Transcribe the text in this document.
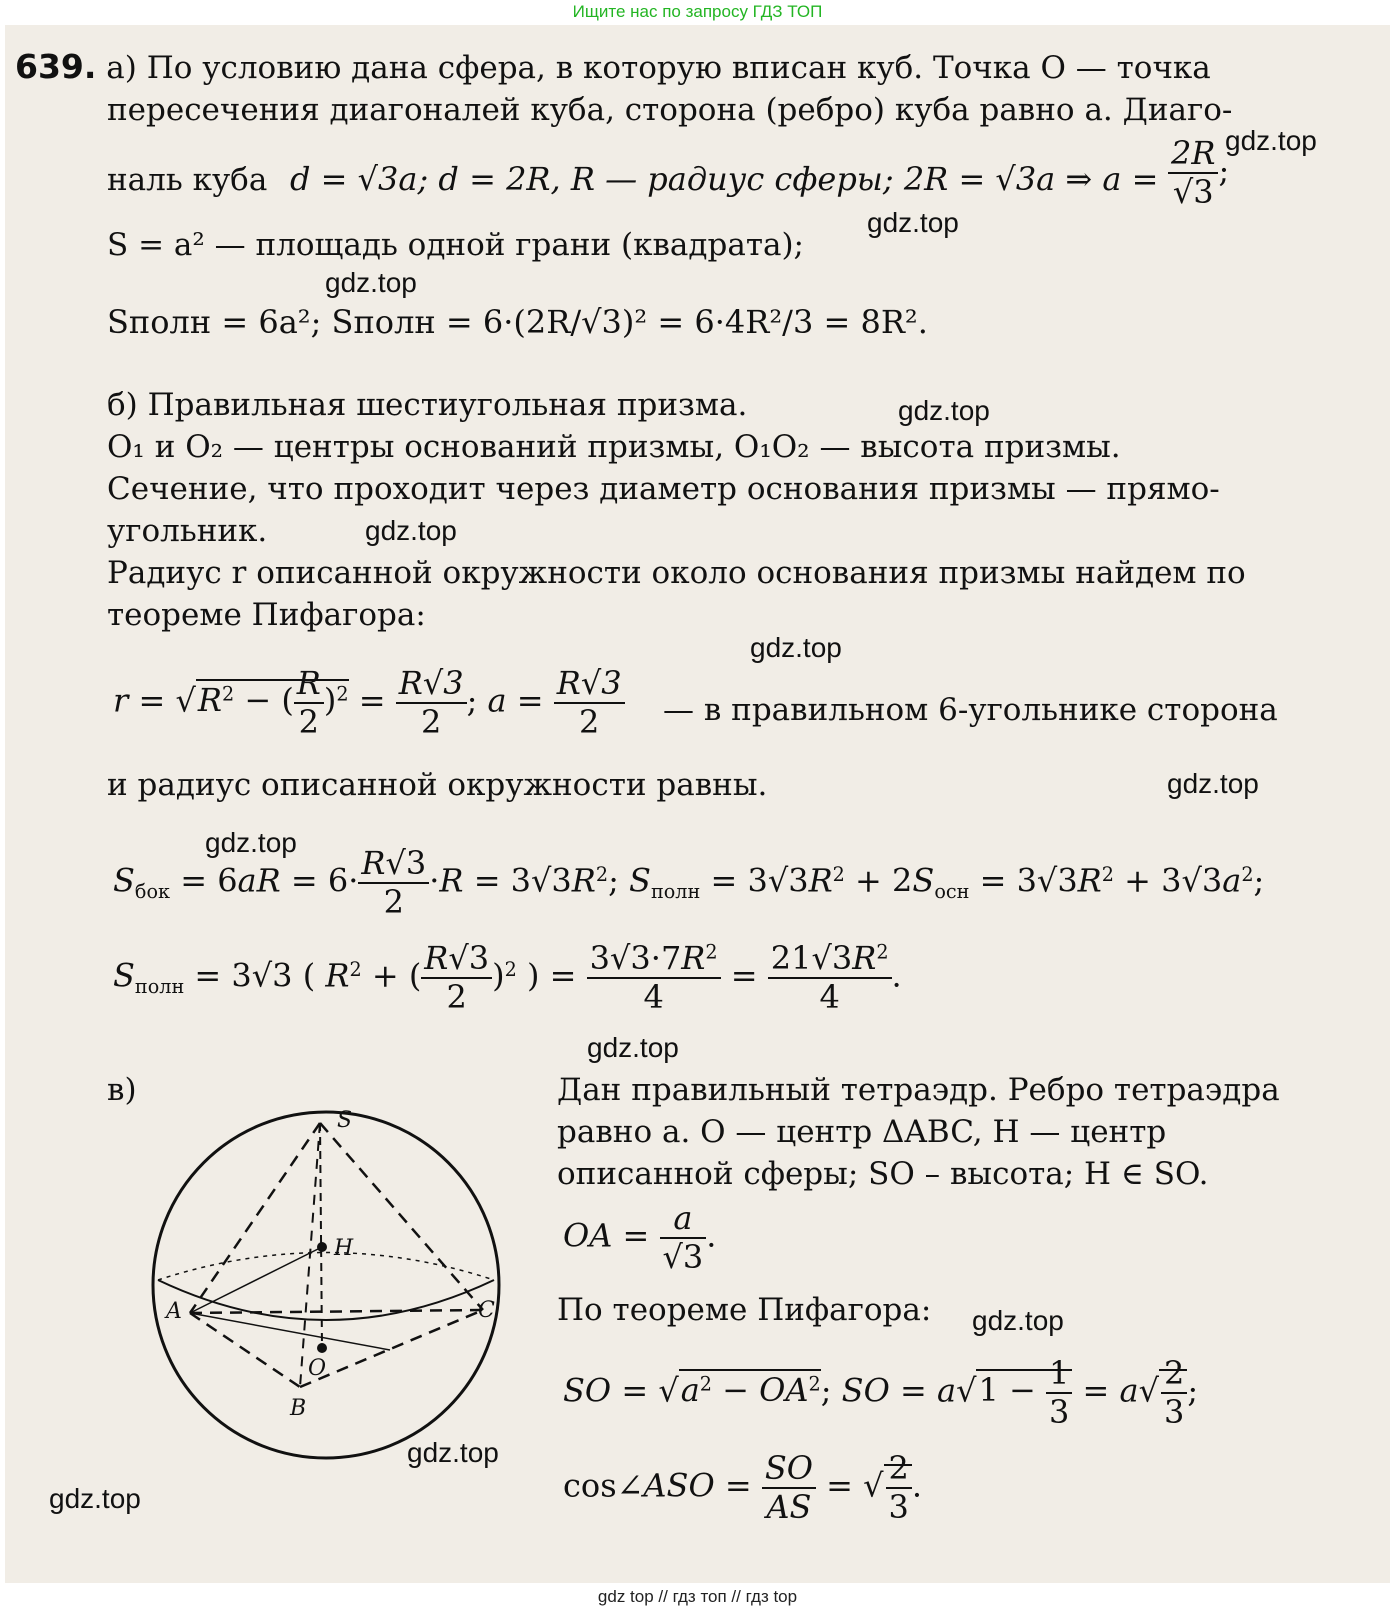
Ищите нас по запросу ГДЗ ТОП
639. а) По условию дана сфера, в которую вписан куб. Точка O — точка
пересечения диагоналей куба, сторона (ребро) куба равно a. Диаго-
наль куба d = √3a; d = 2R, R — радиус сферы; 2R = √3a ⇒ $a = \frac{2R}{√3}$ ;
S = a² — площадь одной грани (квадрата);
Sполн = 6a²; Sполн = 6·(2R/√3)² = 6·4R²/3 = 8R².
б) Правильная шестиугольная призма.
O₁ и O₂ — центры оснований призмы, O₁O₂ — высота призмы.
Сечение, что проходит через диаметр основания призмы — прямо-
угольник.
Радиус r описанной окружности около основания призмы найдем по
теореме Пифагора:
$r = √R^2$ − ( $\frac{R}{2} )^2 = \frac{R√3}{2}$ ; $a = \frac{R√3}{2}$ — в правильном 6-угольнике сторона
и радиус описанной окружности равны.
$S_{бок} = 6aR = 6\cdot \frac{R√3}{2} \cdot R = 3√3R^2$; $S_{полн} = 3√3R^2 + 2S_{осн} = 3√3R^2 + 3√3a^2$;
$S_{полн} = 3√3$ ( $R^2$ + ( $\frac{R√3}{2} )^2$ ) = $\frac{3√3\cdot 7R^2}{4} = \frac{21√3R^2}{4}$ .
в)
S
H
A	C
O
B
Дан правильный тетраэдр. Ребро тетраэдра
равно a. O — центр ΔABC, H — центр
описанной сферы; SO – высота; H ∈ SO.
OA = $\frac{a}{√3}$ .
По теореме Пифагора:
SO = $√a^2 - OA^2$; SO = $a√1 - \frac{1}{3} = a√ \frac{2}{3}$ ;
cos∠ASO = $\frac{SO}{AS}$ = √ $\frac{2}{3}$ .
gdz.top
gdz.top
gdz.top
gdz.top
gdz.top
gdz.top
gdz.top
gdz.top
gdz.top
gdz.top
gdz.top
gdz.top
gdz top // гдз топ // гдз top
